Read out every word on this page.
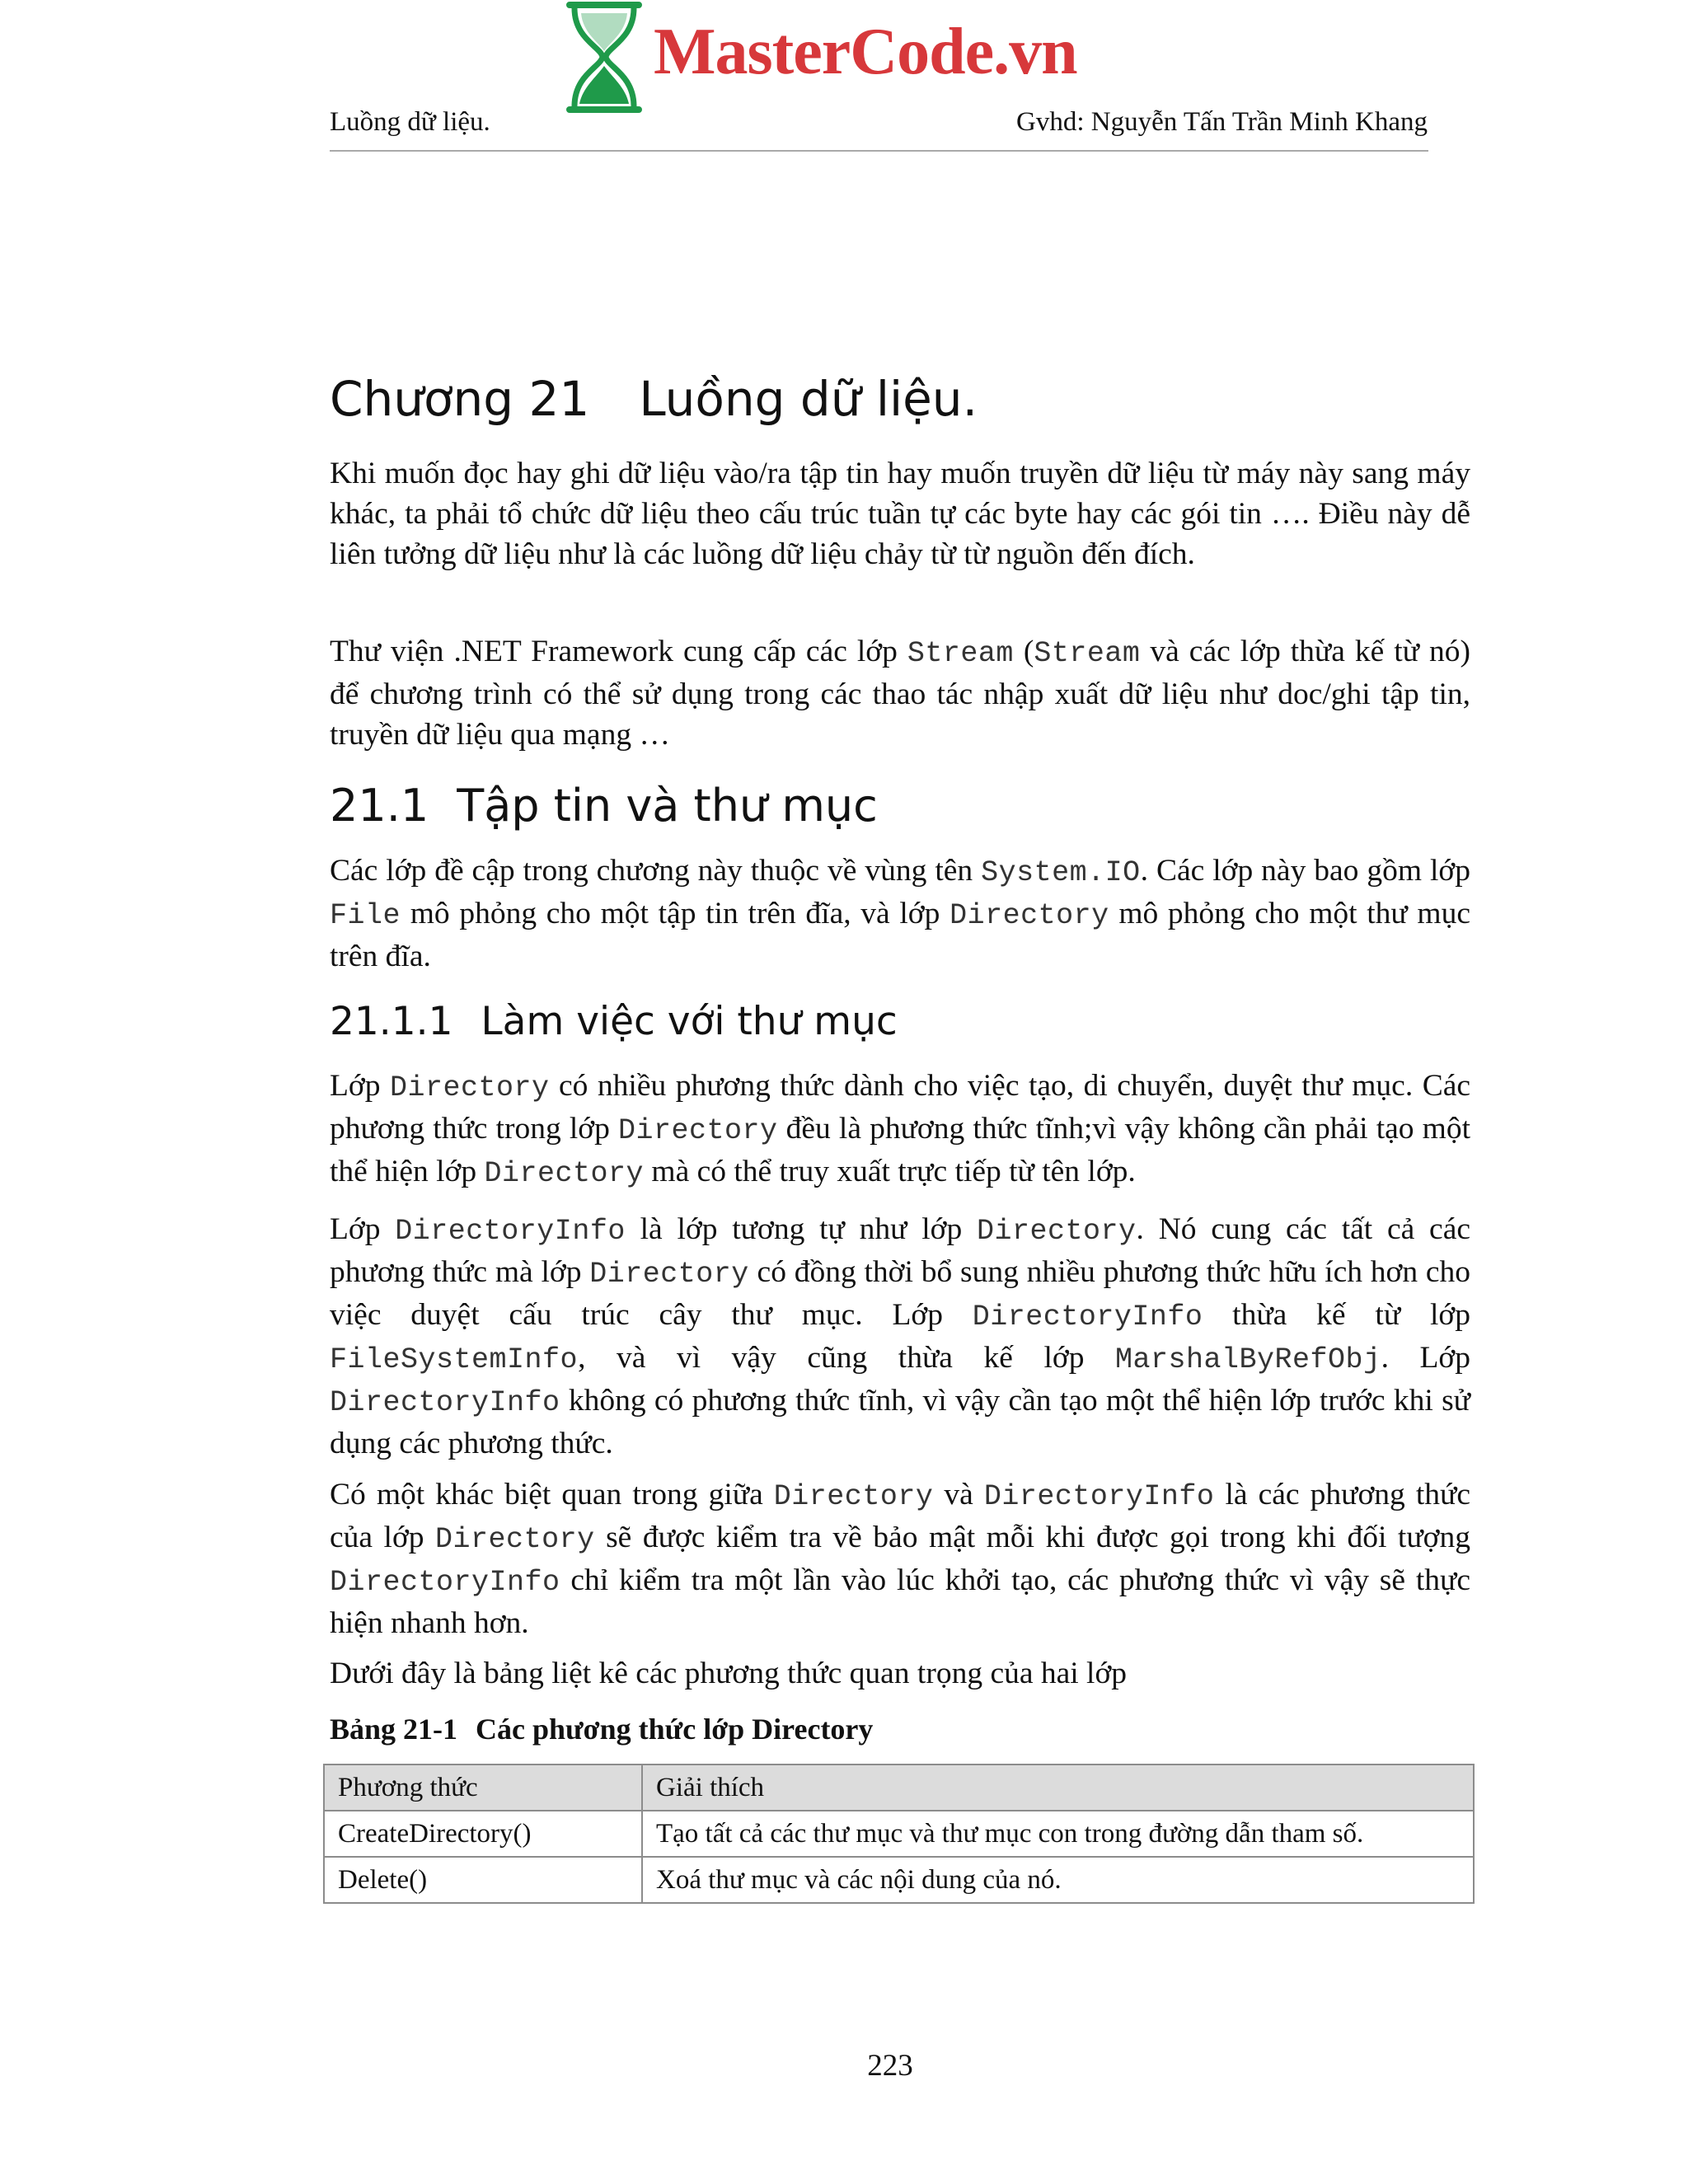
MasterCode.vn
Luồng dữ liệu.	Gvhd: Nguyễn Tấn Trần Minh Khang
Chương 21 Luồng dữ liệu.
Khi muốn đọc hay ghi dữ liệu vào/ra tập tin hay muốn truyền dữ liệu từ máy này sang máy khác, ta phải tổ chức dữ liệu theo cấu trúc tuần tự các byte hay các gói tin …. Điều này dễ liên tưởng dữ liệu như là các luồng dữ liệu chảy từ từ nguồn đến đích.
Thư viện .NET Framework cung cấp các lớp Stream (Stream và các lớp thừa kế từ nó) để chương trình có thể sử dụng trong các thao tác nhập xuất dữ liệu như doc/ghi tập tin, truyền dữ liệu qua mạng …
21.1 Tập tin và thư mục
Các lớp đề cập trong chương này thuộc về vùng tên System.IO. Các lớp này bao gồm lớp File mô phỏng cho một tập tin trên đĩa, và lớp Directory mô phỏng cho một thư mục trên đĩa.
21.1.1 Làm việc với thư mục
Lớp Directory có nhiều phương thức dành cho việc tạo, di chuyển, duyệt thư mục. Các phương thức trong lớp Directory đều là phương thức tĩnh;vì vậy không cần phải tạo một thể hiện lớp Directory mà có thể truy xuất trực tiếp từ tên lớp.
Lớp DirectoryInfo là lớp tương tự như lớp Directory. Nó cung các tất cả các phương thức mà lớp Directory có đồng thời bổ sung nhiều phương thức hữu ích hơn cho việc duyệt cấu trúc cây thư mục. Lớp DirectoryInfo thừa kế từ lớp FileSystemInfo, và vì vậy cũng thừa kế lớp MarshalByRefObj. Lớp DirectoryInfo không có phương thức tĩnh, vì vậy cần tạo một thể hiện lớp trước khi sử dụng các phương thức.
Có một khác biệt quan trong giữa Directory và DirectoryInfo là các phương thức của lớp Directory sẽ được kiểm tra về bảo mật mỗi khi được gọi trong khi đối tượng DirectoryInfo chỉ kiểm tra một lần vào lúc khởi tạo, các phương thức vì vậy sẽ thực hiện nhanh hơn.
Dưới đây là bảng liệt kê các phương thức quan trọng của hai lớp
Bảng 21-1 Các phương thức lớp Directory
Phương thức	Giải thích
CreateDirectory()	Tạo tất cả các thư mục và thư mục con trong đường dẫn tham số.
Delete()	Xoá thư mục và các nội dung của nó.
223
